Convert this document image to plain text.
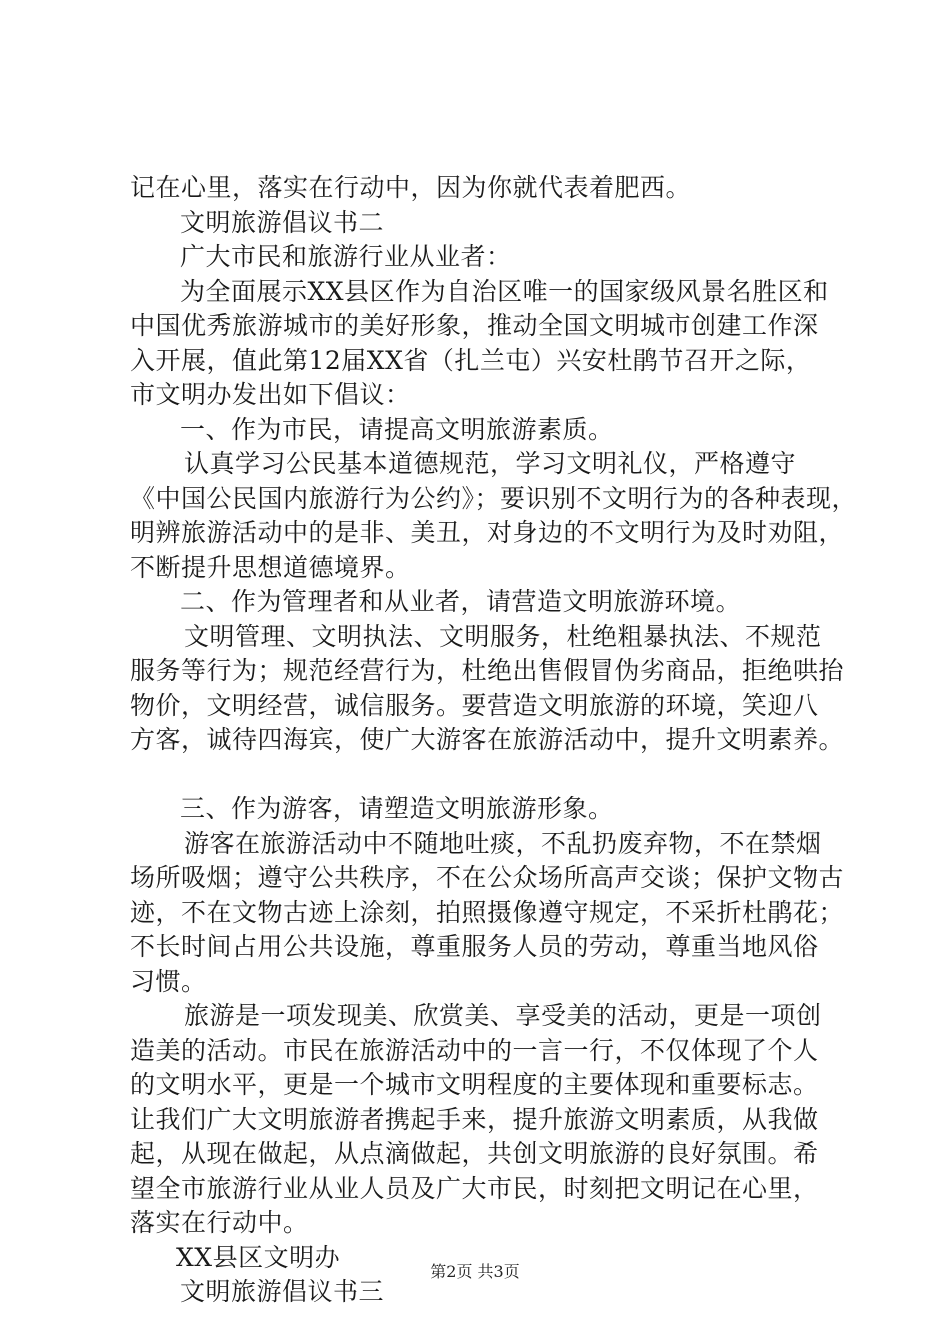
记在心里，落实在行动中，因为你就代表着肥西。
文明旅游倡议书二
广大市民和旅游行业从业者：
为全面展示XX县区作为自治区唯一的国家级风景名胜区和
中国优秀旅游城市的美好形象，推动全国文明城市创建工作深
入开展，值此第12届XX省（扎兰屯）兴安杜鹃节召开之际，
市文明办发出如下倡议：
一、作为市民，请提高文明旅游素质。
认真学习公民基本道德规范，学习文明礼仪，严格遵守
《中国公民国内旅游行为公约》；要识别不文明行为的各种表现，
明辨旅游活动中的是非、美丑，对身边的不文明行为及时劝阻，
不断提升思想道德境界。
二、作为管理者和从业者，请营造文明旅游环境。
文明管理、文明执法、文明服务，杜绝粗暴执法、不规范
服务等行为；规范经营行为，杜绝出售假冒伪劣商品，拒绝哄抬
物价，文明经营，诚信服务。要营造文明旅游的环境，笑迎八
方客，诚待四海宾，使广大游客在旅游活动中，提升文明素养。
三、作为游客，请塑造文明旅游形象。
游客在旅游活动中不随地吐痰，不乱扔废弃物，不在禁烟
场所吸烟；遵守公共秩序，不在公众场所高声交谈；保护文物古
迹，不在文物古迹上涂刻，拍照摄像遵守规定，不采折杜鹃花；
不长时间占用公共设施，尊重服务人员的劳动，尊重当地风俗
习惯。
旅游是一项发现美、欣赏美、享受美的活动，更是一项创
造美的活动。市民在旅游活动中的一言一行，不仅体现了个人
的文明水平，更是一个城市文明程度的主要体现和重要标志。
让我们广大文明旅游者携起手来，提升旅游文明素质，从我做
起，从现在做起，从点滴做起，共创文明旅游的良好氛围。希
望全市旅游行业从业人员及广大市民，时刻把文明记在心里，
落实在行动中。
XX县区文明办
文明旅游倡议书三
第2页 共3页
